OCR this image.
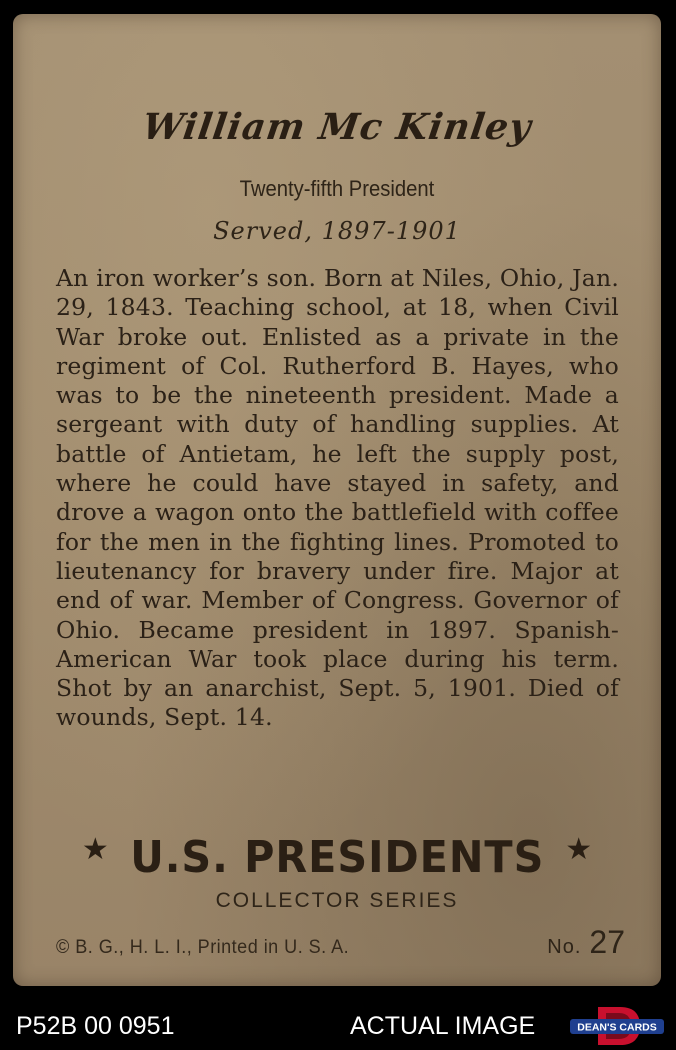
William Mc Kinley
Twenty-fifth President
Served, 1897-1901

An iron worker’s son. Born at Niles, Ohio, Jan. 29, 1843. Teaching school, at 18, when Civil War broke out. Enlisted as a private in the regiment of Col. Rutherford B. Hayes, who was to be the nineteenth president. Made a sergeant with duty of handling supplies. At battle of Antietam, he left the supply post, where he could have stayed in safety, and drove a wagon onto the battlefield with coffee for the men in the fighting lines. Promoted to lieutenancy for bravery under fire. Major at end of war. Member of Congress. Governor of Ohio. Became president in 1897. Spanish-American War took place during his term. Shot by an anarchist, Sept. 5, 1901. Died of wounds, Sept. 14.

★ U.S. PRESIDENTS ★
COLLECTOR SERIES
© B. G., H. L. I., Printed in U. S. A.	No. 27
P52B 00 0951	ACTUAL IMAGE	DEAN'S CARDS
